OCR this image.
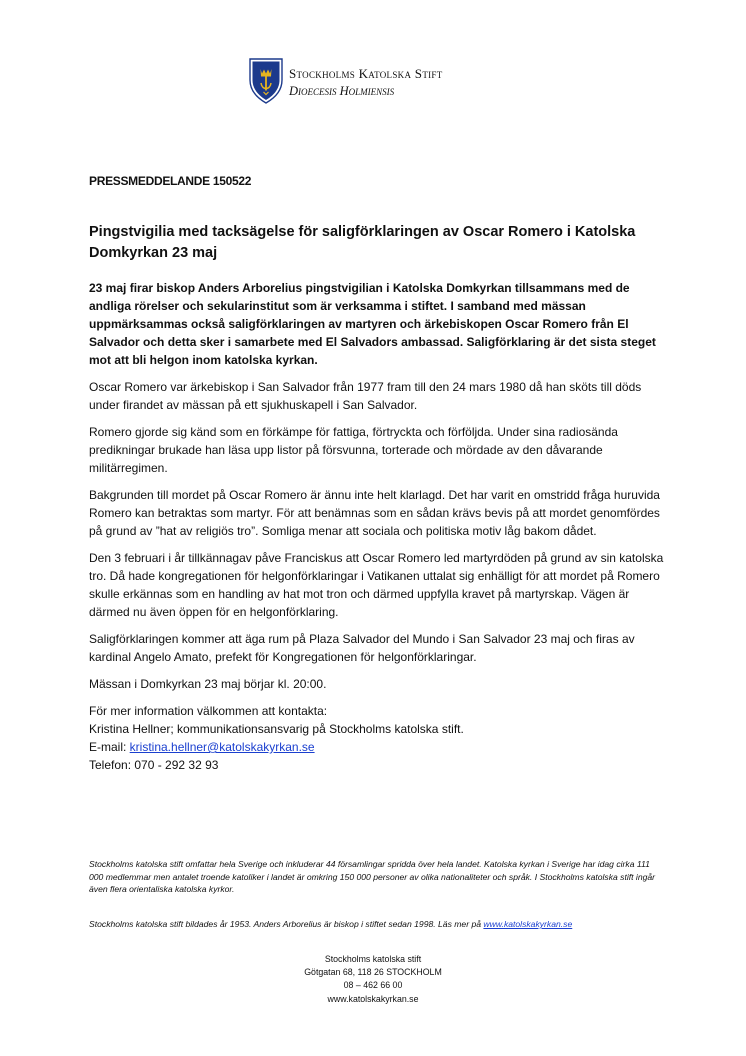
Stockholms Katolska Stift
Dioecesis Holmiensis
PRESSMEDDELANDE 150522
Pingstvigilia med tacksägelse för saligförklaringen av Oscar Romero i Katolska Domkyrkan 23 maj

23 maj firar biskop Anders Arborelius pingstvigilian i Katolska Domkyrkan tillsammans med de andliga rörelser och sekularinstitut som är verksamma i stiftet. I samband med mässan uppmärksammas också saligförklaringen av martyren och ärkebiskopen Oscar Romero från El Salvador och detta sker i samarbete med El Salvadors ambassad. Saligförklaring är det sista steget mot att bli helgon inom katolska kyrkan.

Oscar Romero var ärkebiskop i San Salvador från 1977 fram till den 24 mars 1980 då han sköts till döds under firandet av mässan på ett sjukhuskapell i San Salvador.

Romero gjorde sig känd som en förkämpe för fattiga, förtryckta och förföljda. Under sina radiosända predikningar brukade han läsa upp listor på försvunna, torterade och mördade av den dåvarande militärregimen.

Bakgrunden till mordet på Oscar Romero är ännu inte helt klarlagd. Det har varit en omstridd fråga huruvida Romero kan betraktas som martyr. För att benämnas som en sådan krävs bevis på att mordet genomfördes på grund av ”hat av religiös tro”. Somliga menar att sociala och politiska motiv låg bakom dådet.

Den 3 februari i år tillkännagav påve Franciskus att Oscar Romero led martyrdöden på grund av sin katolska tro. Då hade kongregationen för helgonförklaringar i Vatikanen uttalat sig enhälligt för att mordet på Romero skulle erkännas som en handling av hat mot tron och därmed uppfylla kravet på martyrskap. Vägen är därmed nu även öppen för en helgonförklaring.

Saligförklaringen kommer att äga rum på Plaza Salvador del Mundo i San Salvador 23 maj och firas av kardinal Angelo Amato, prefekt för Kongregationen för helgonförklaringar.

Mässan i Domkyrkan 23 maj börjar kl. 20:00.

För mer information välkommen att kontakta:
Kristina Hellner; kommunikationsansvarig på Stockholms katolska stift.
E-mail: kristina.hellner@katolskakyrkan.se
Telefon: 070 - 292 32 93
Stockholms katolska stift omfattar hela Sverige och inkluderar 44 församlingar spridda över hela landet. Katolska kyrkan i Sverige har idag cirka 111 000 medlemmar men antalet troende katoliker i landet är omkring 150 000 personer av olika nationaliteter och språk. I Stockholms katolska stift ingår även flera orientaliska katolska kyrkor.
Stockholms katolska stift bildades år 1953. Anders Arborelius är biskop i stiftet sedan 1998. Läs mer på www.katolskakyrkan.se
Stockholms katolska stift
Götgatan 68, 118 26 STOCKHOLM
08 – 462 66 00
www.katolskakyrkan.se
